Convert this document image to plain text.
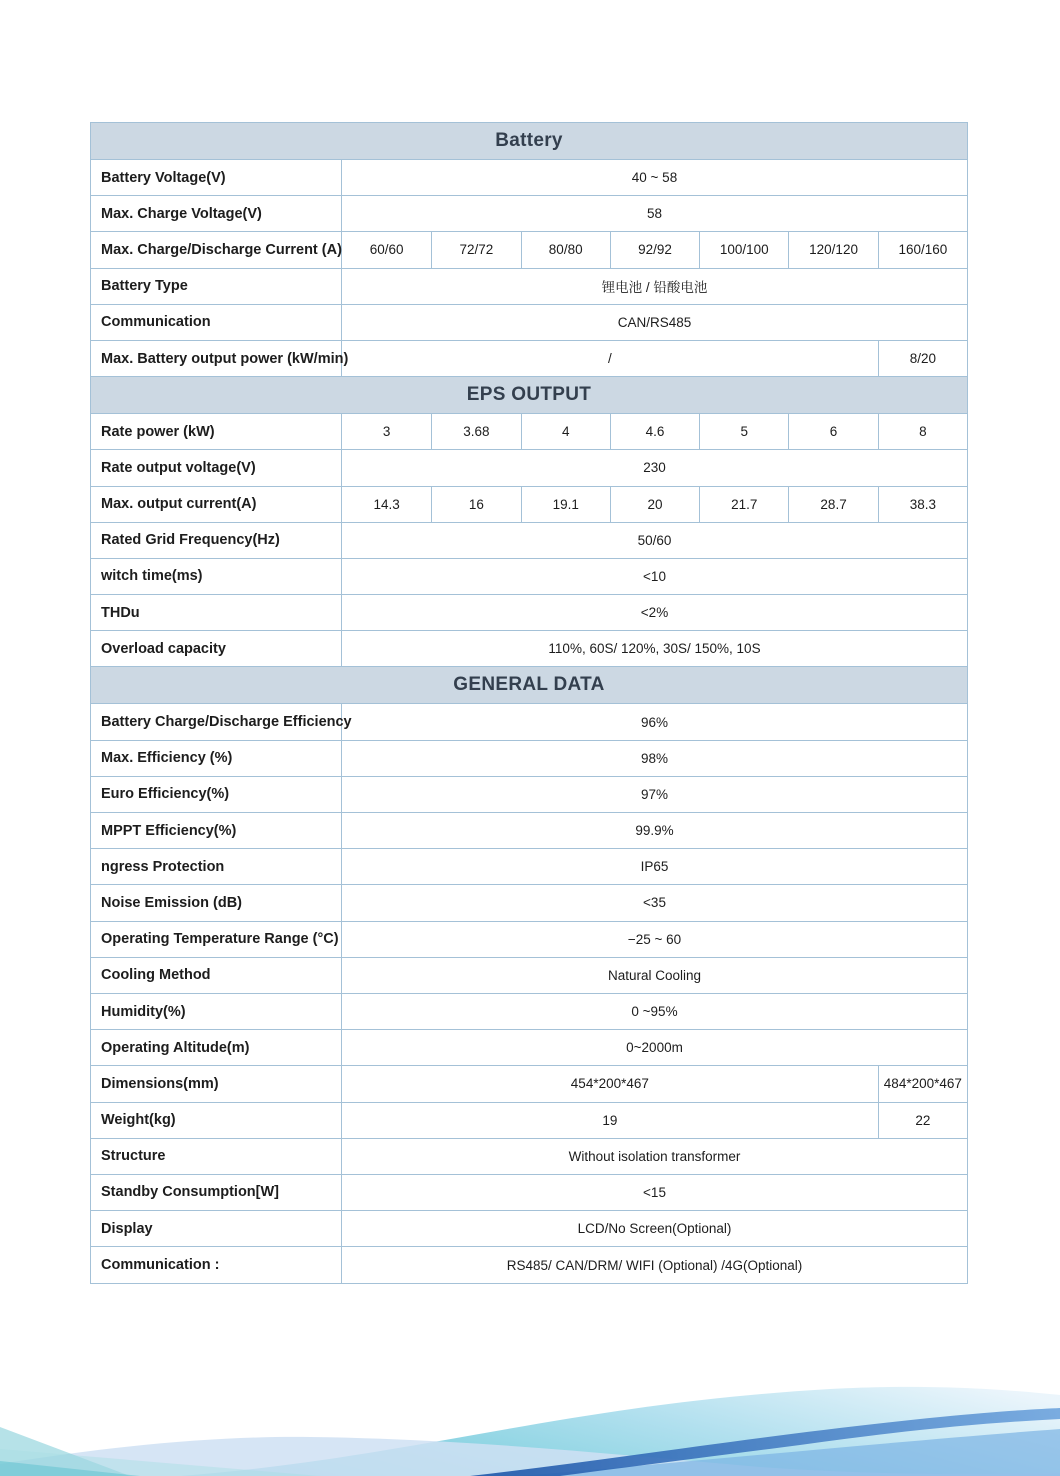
Battery
Battery Voltage(V)	40 ~ 58
Max. Charge Voltage(V)	58
Max. Charge/Discharge Current (A)	60/60	72/72	80/80	92/92	100/100	120/120	160/160
Battery Type	锂电池 / 铅酸电池
Communication	CAN/RS485
Max. Battery output power (kW/min)	/	8/20
EPS OUTPUT
Rate power (kW)	3	3.68	4	4.6	5	6	8
Rate output voltage(V)	230
Max. output current(A)	14.3	16	19.1	20	21.7	28.7	38.3
Rated Grid Frequency(Hz)	50/60
witch time(ms)	<10
THDu	<2%
Overload capacity	110%, 60S/ 120%, 30S/ 150%, 10S
GENERAL DATA
Battery Charge/Discharge Efficiency	96%
Max. Efficiency (%)	98%
Euro Efficiency(%)	97%
MPPT Efficiency(%)	99.9%
ngress Protection	IP65
Noise Emission (dB)	<35
Operating Temperature Range (°C)	−25 ~ 60
Cooling Method	Natural Cooling
Humidity(%)	0 ~95%
Operating Altitude(m)	0~2000m
Dimensions(mm)	454*200*467	484*200*467
Weight(kg)	19	22
Structure	Without isolation transformer
Standby Consumption[W]	<15
Display	LCD/No Screen(Optional)
Communication :	RS485/ CAN/DRM/ WIFI (Optional) /4G(Optional)
